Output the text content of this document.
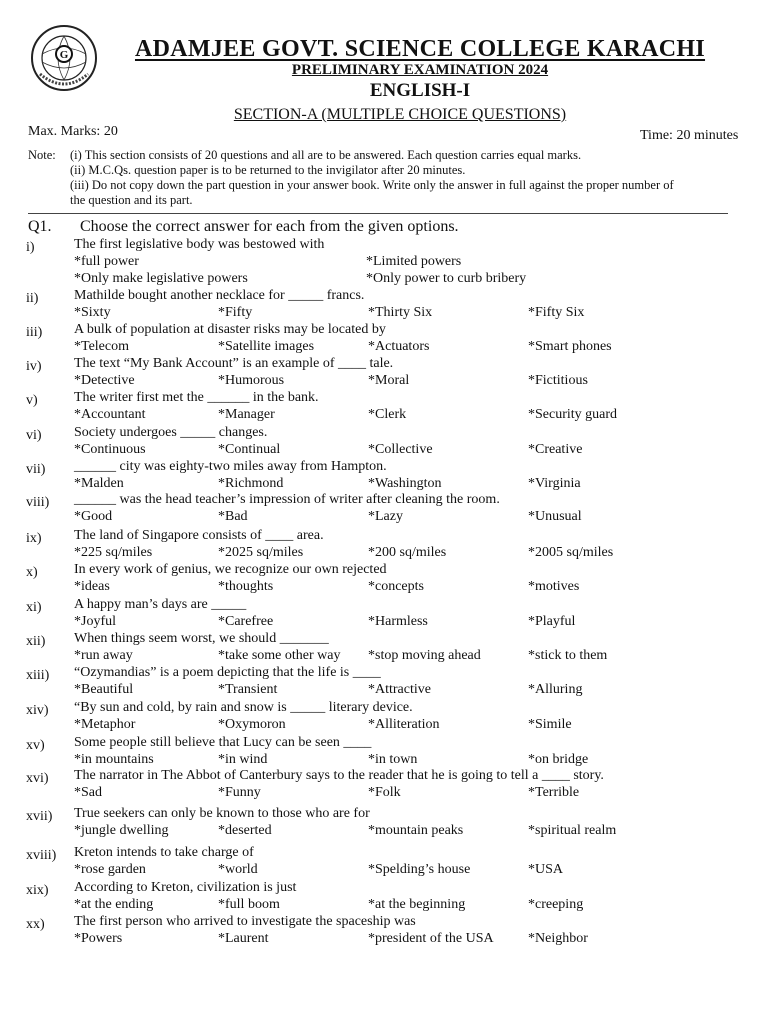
G	ADAMJEE GOVT. SCIENCE COLLEGE KARACHI
PRELIMINARY EXAMINATION 2024
ENGLISH-I
SECTION-A (MULTIPLE CHOICE QUESTIONS)
Max. Marks: 20	Time: 20 minutes
Note: (i) This section consists of 20 questions and all are to be answered. Each question carries equal marks.
(ii) M.C.Qs. question paper is to be returned to the invigilator after 20 minutes.
(iii) Do not copy down the part question in your answer book. Write only the answer in full against the proper number of
the question and its part.
Q1. Choose the correct answer for each from the given options.
i)	The first legislative body was bestowed with
*full power	*Limited powers
*Only make legislative powers	*Only power to curb bribery
ii)	Mathilde bought another necklace for _____ francs.
*Sixty	*Fifty	*Thirty Six	*Fifty Six
iii) A bulk of population at disaster risks may be located by
*Telecom	*Satellite images	*Actuators	*Smart phones
iv) The text “My Bank Account” is an example of ____ tale.
*Detective	*Humorous	*Moral	*Fictitious
v)	The writer first met the ______ in the bank.
*Accountant	*Manager	*Clerk	*Security guard
vi) Society undergoes _____ changes.
*Continuous	*Continual	*Collective	*Creative
vii) ______ city was eighty-two miles away from Hampton.
*Malden	*Richmond	*Washington	*Virginia
viii) ______ was the head teacher’s impression of writer after cleaning the room.
*Good	*Bad	*Lazy	*Unusual
ix) The land of Singapore consists of ____ area.
*225 sq/miles	*2025 sq/miles	*200 sq/miles	*2005 sq/miles
x)	In every work of genius, we recognize our own rejected
*ideas	*thoughts	*concepts	*motives
xi) A happy man’s days are _____
*Joyful	*Carefree	*Harmless	*Playful
xii) When things seem worst, we should _______
*run away	*take some other way *stop moving ahead	*stick to them
xiii) “Ozymandias” is a poem depicting that the life is ____
*Beautiful	*Transient	*Attractive	*Alluring
xiv) “By sun and cold, by rain and snow is _____ literary device.
*Metaphor	*Oxymoron	*Alliteration	*Simile
xv) Some people still believe that Lucy can be seen ____
*in mountains	*in wind	*in town	*on bridge
xvi) The narrator in The Abbot of Canterbury says to the reader that he is going to tell a ____ story.
*Sad	*Funny	*Folk	*Terrible
xvii) True seekers can only be known to those who are for
*jungle dwelling	*deserted	*mountain peaks	*spiritual realm
xviii) Kreton intends to take charge of
*rose garden	*world	*Spelding’s house	*USA
xix) According to Kreton, civilization is just
*at the ending	*full boom	*at the beginning	*creeping
xx) The first person who arrived to investigate the spaceship was
*Powers	*Laurent	*president of the USA *Neighbor
